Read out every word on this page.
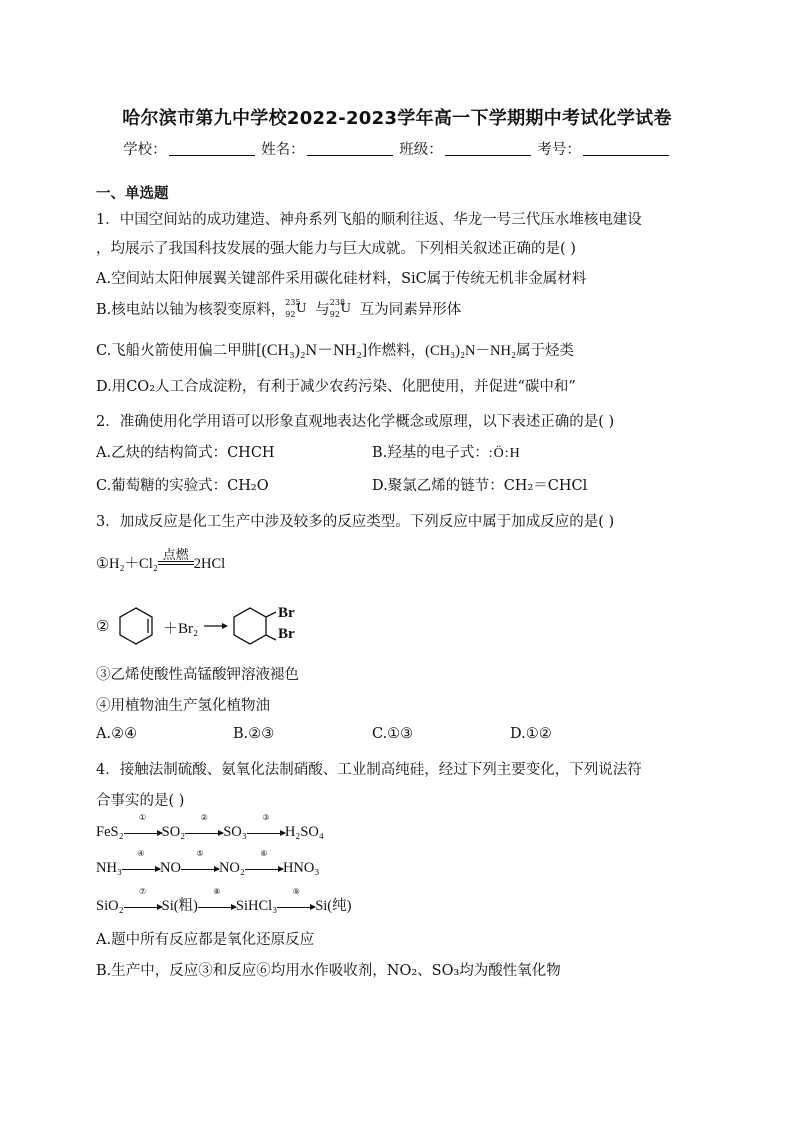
哈尔滨市第九中学校2022-2023学年高一下学期期中考试化学试卷
学校：	姓名：	班级：	考号：
一、单选题
1．中国空间站的成功建造、神舟系列飞船的顺利往返、华龙一号三代压水堆核电建设
，均展示了我国科技发展的强大能力与巨大成就。下列相关叙述正确的是( )
A.空间站太阳伸展翼关键部件采用碳化硅材料，SiC属于传统无机非金属材料
B.核电站以铀为核裂变原料， 235
92 U 与 238
92 U 互为同素异形体
C.飞船火箭使用偏二甲肼[(CH₃)₂N－NH₂]作燃料，(CH₃)₂N－NH₂属于烃类
D.用CO₂人工合成淀粉，有利于减少农药污染、化肥使用，并促进“碳中和”
2．准确使用化学用语可以形象直观地表达化学概念或原理，以下表述正确的是( )
A.乙炔的结构简式：CHCH	B.羟基的电子式：:Ö:H
C.葡萄糖的实验式：CH₂O	D.聚氯乙烯的链节：CH₂＝CHCl
3．加成反应是化工生产中涉及较多的反应类型。下列反应中属于加成反应的是( )
①H₂＋Cl₂
点燃
2HCl
②	＋Br₂
Br
Br
③乙烯使酸性高锰酸钾溶液褪色
④用植物油生产氢化植物油
A.②④	B.②③	C.①③	D.①②
4．接触法制硫酸、氨氧化法制硝酸、工业制高纯硅，经过下列主要变化，下列说法符
合事实的是( )
FeS₂
①
SO₂
②
SO₃
③
H₂SO₄
NH₃
④
NO
⑤
NO₂
⑥
HNO₃
SiO₂
⑦
Si(粗)
⑧
SiHCl₃
⑨
Si(纯)
A.题中所有反应都是氧化还原反应
B.生产中，反应③和反应⑥均用水作吸收剂，NO₂、SO₃均为酸性氧化物
